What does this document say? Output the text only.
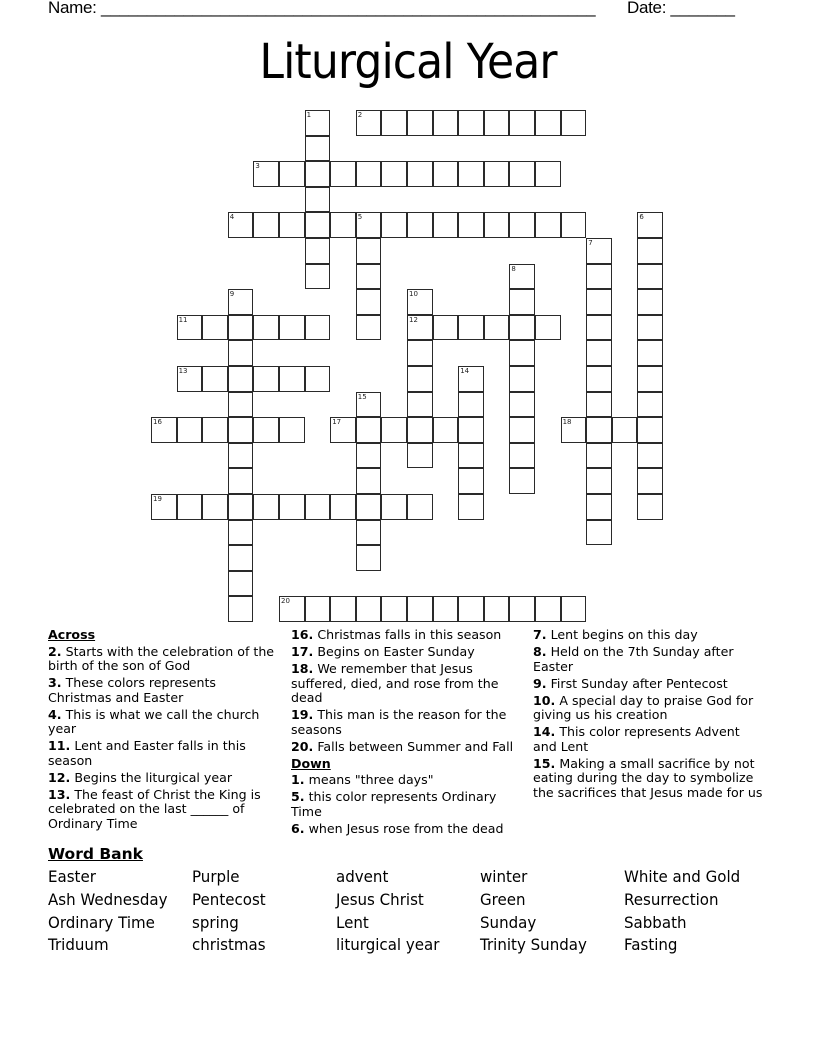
Name: ______________________________________________________ Date: _______
Liturgical Year
1	2
3
4	5	6
7
8
9	10
12
11
13	14
15
16	17	18
19
20
Across
2. Starts with the celebration of the birth of the son of God
3. These colors represents Christmas and Easter
4. This is what we call the church year
11. Lent and Easter falls in this season
12. Begins the liturgical year
13. The feast of Christ the King is celebrated on the last ______ of Ordinary Time
16. Christmas falls in this season
17. Begins on Easter Sunday
18. We remember that Jesus suffered, died, and rose from the dead
19. This man is the reason for the seasons
20. Falls between Summer and Fall
Down
1. means "three days"
5. this color represents Ordinary Time
6. when Jesus rose from the dead
7. Lent begins on this day
8. Held on the 7th Sunday after Easter
9. First Sunday after Pentecost
10. A special day to praise God for giving us his creation
14. This color represents Advent and Lent
15. Making a small sacrifice by not eating during the day to symbolize the sacrifices that Jesus made for us
Word Bank
Easter	Purple	advent	winter	White and Gold
Ash Wednesday	Pentecost	Jesus Christ	Green	Resurrection
Ordinary Time	spring	Lent	Sunday	Sabbath
Triduum	christmas	liturgical year	Trinity Sunday	Fasting
